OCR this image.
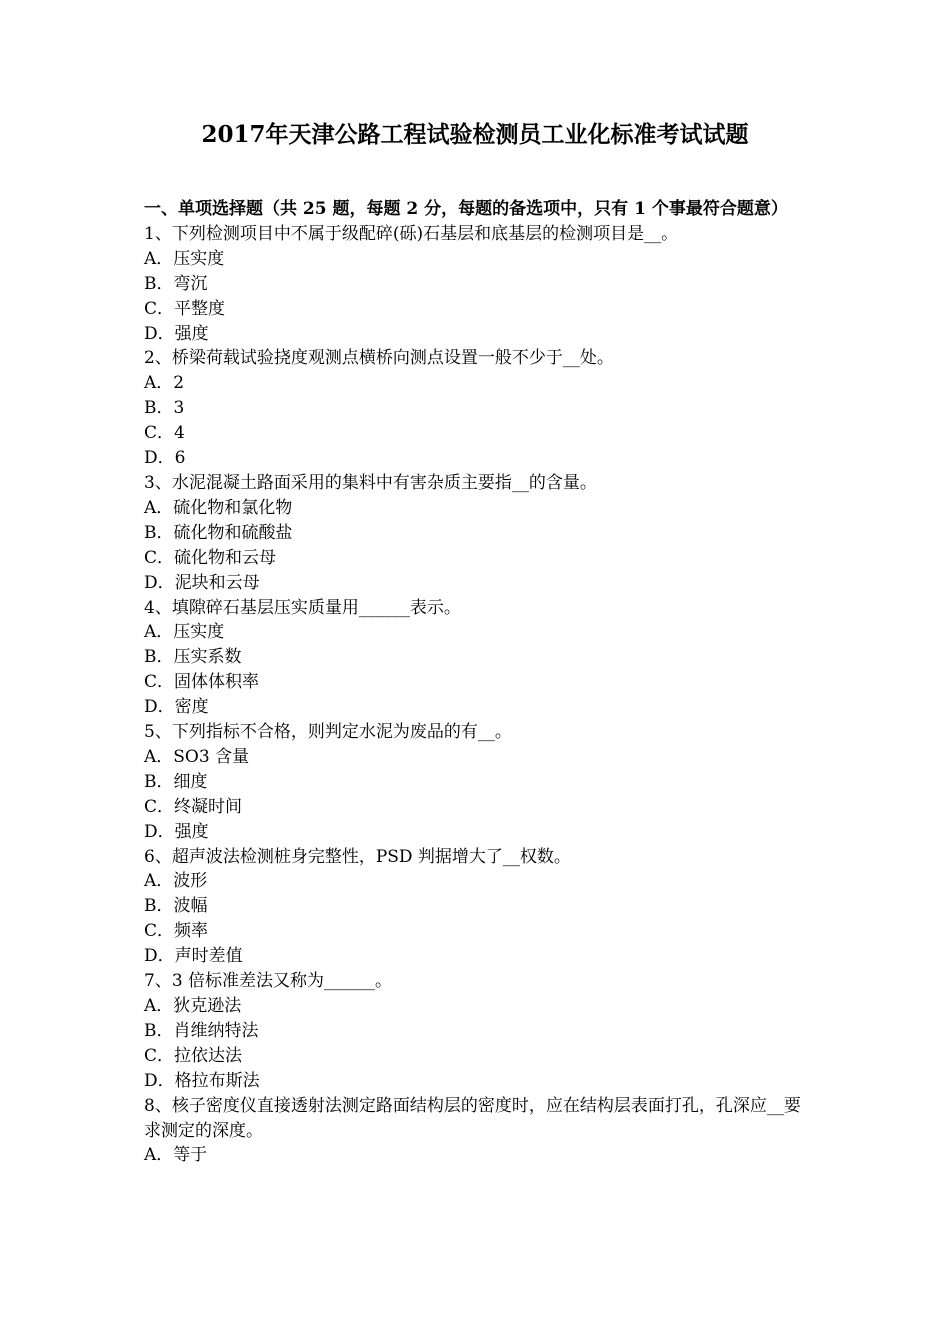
2017年天津公路工程试验检测员工业化标准考试试题

一、单项选择题（共 25 题，每题 2 分，每题的备选项中，只有 1 个事最符合题意）

1、下列检测项目中不属于级配碎(砾)石基层和底基层的检测项目是__。

A．压实度

B．弯沉

C．平整度

D．强度

2、桥梁荷载试验挠度观测点横桥向测点设置一般不少于__处。

A．2

B．3

C．4

D．6

3、水泥混凝土路面采用的集料中有害杂质主要指__的含量。

A．硫化物和氯化物

B．硫化物和硫酸盐

C．硫化物和云母

D．泥块和云母

4、填隙碎石基层压实质量用______表示。

A．压实度

B．压实系数

C．固体体积率

D．密度

5、下列指标不合格，则判定水泥为废品的有__。

A．SO3 含量

B．细度

C．终凝时间

D．强度

6、超声波法检测桩身完整性，PSD 判据增大了__权数。

A．波形

B．波幅

C．频率

D．声时差值

7、3 倍标准差法又称为______。

A．狄克逊法

B．肖维纳特法

C．拉依达法

D．格拉布斯法

8、核子密度仪直接透射法测定路面结构层的密度时，应在结构层表面打孔，孔深应__要求测定的深度。

A．等于
